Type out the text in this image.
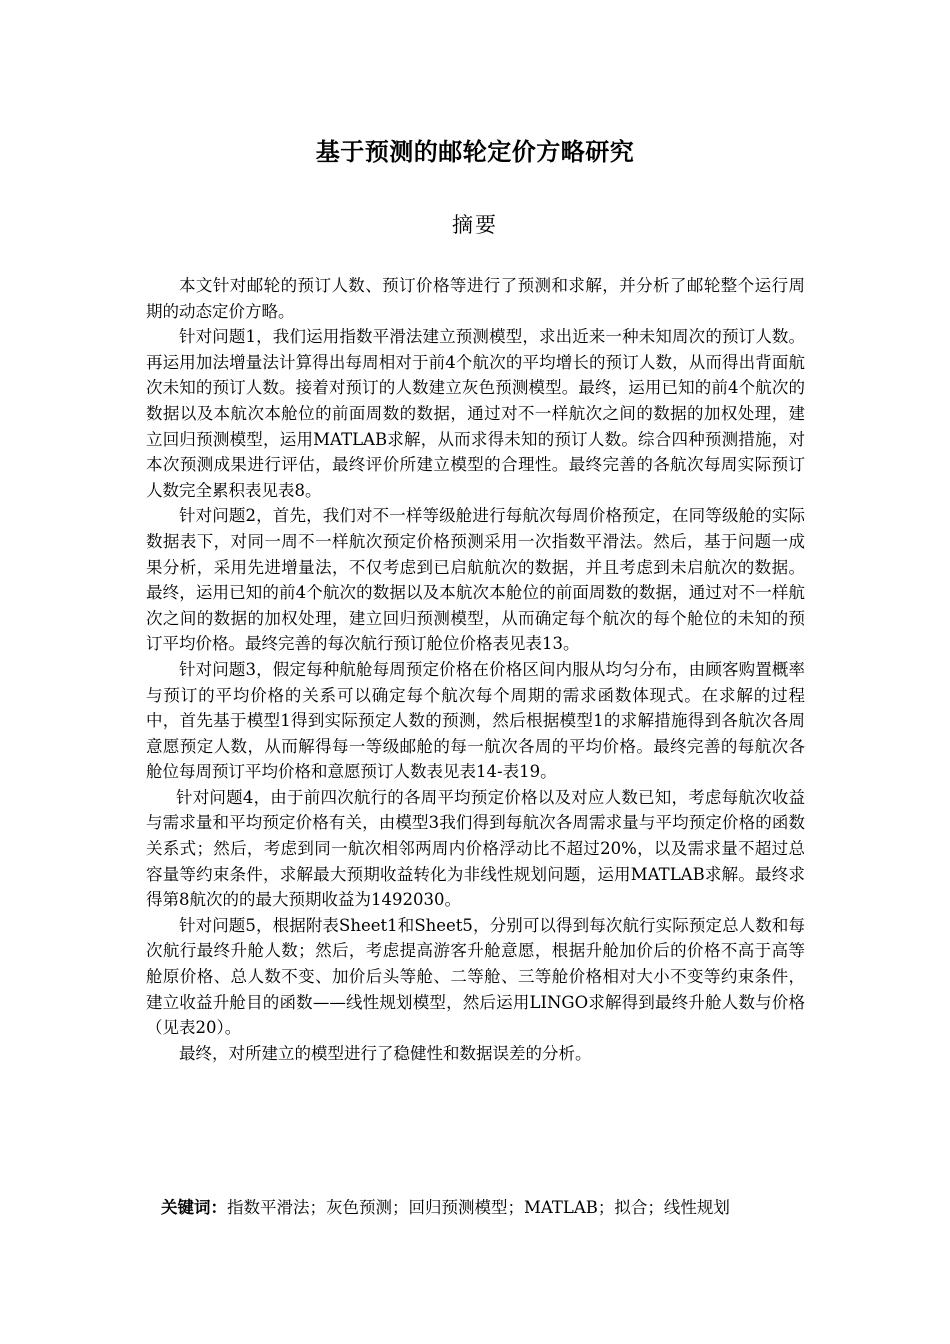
基于预测的邮轮定价方略研究
摘要

本文针对邮轮的预订人数、预订价格等进行了预测和求解，并分析了邮轮整个运行周期的动态定价方略。

针对问题1，我们运用指数平滑法建立预测模型，求出近来一种未知周次的预订人数。再运用加法增量法计算得出每周相对于前4个航次的平均增长的预订人数，从而得出背面航次未知的预订人数。接着对预订的人数建立灰色预测模型。最终，运用已知的前4个航次的数据以及本航次本舱位的前面周数的数据，通过对不一样航次之间的数据的加权处理，建立回归预测模型，运用MATLAB求解，从而求得未知的预订人数。综合四种预测措施，对本次预测成果进行评估，最终评价所建立模型的合理性。最终完善的各航次每周实际预订人数完全累积表见表8。

针对问题2，首先，我们对不一样等级舱进行每航次每周价格预定，在同等级舱的实际数据表下，对同一周不一样航次预定价格预测采用一次指数平滑法。然后，基于问题一成果分析，采用先进增量法，不仅考虑到已启航航次的数据，并且考虑到未启航次的数据。最终，运用已知的前4个航次的数据以及本航次本舱位的前面周数的数据，通过对不一样航次之间的数据的加权处理，建立回归预测模型，从而确定每个航次的每个舱位的未知的预订平均价格。最终完善的每次航行预订舱位价格表见表13。

针对问题3，假定每种航舱每周预定价格在价格区间内服从均匀分布，由顾客购置概率与预订的平均价格的关系可以确定每个航次每个周期的需求函数体现式。在求解的过程中，首先基于模型1得到实际预定人数的预测，然后根据模型1的求解措施得到各航次各周意愿预定人数，从而解得每一等级邮舱的每一航次各周的平均价格。最终完善的每航次各舱位每周预订平均价格和意愿预订人数表见表14-表19。

针对问题4，由于前四次航行的各周平均预定价格以及对应人数已知，考虑每航次收益与需求量和平均预定价格有关，由模型3我们得到每航次各周需求量与平均预定价格的函数关系式；然后，考虑到同一航次相邻两周内价格浮动比不超过20%，以及需求量不超过总容量等约束条件，求解最大预期收益转化为非线性规划问题，运用MATLAB求解。最终求得第8航次的的最大预期收益为1492030。

针对问题5，根据附表Sheet1和Sheet5，分别可以得到每次航行实际预定总人数和每次航行最终升舱人数；然后，考虑提高游客升舱意愿，根据升舱加价后的价格不高于高等舱原价格、总人数不变、加价后头等舱、二等舱、三等舱价格相对大小不变等约束条件，建立收益升舱目的函数——线性规划模型，然后运用LINGO求解得到最终升舱人数与价格（见表20）。

最终，对所建立的模型进行了稳健性和数据误差的分析。

关键词：指数平滑法；灰色预测；回归预测模型；MATLAB；拟合；线性规划
